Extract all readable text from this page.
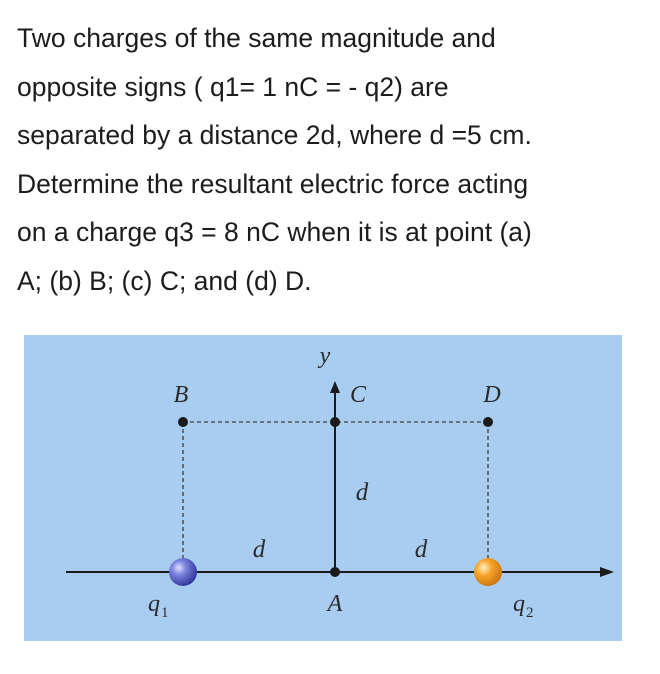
Two charges of the same magnitude and
opposite signs ( q1= 1 nC = - q2) are
separated by a distance 2d, where d =5 cm.
Determine the resultant electric force acting
on a charge q3 = 8 nC when it is at point (a)
A; (b) B; (c) C; and (d) D.
y
B	C	D
d
d	d
A
$q_1$	$q_2$
